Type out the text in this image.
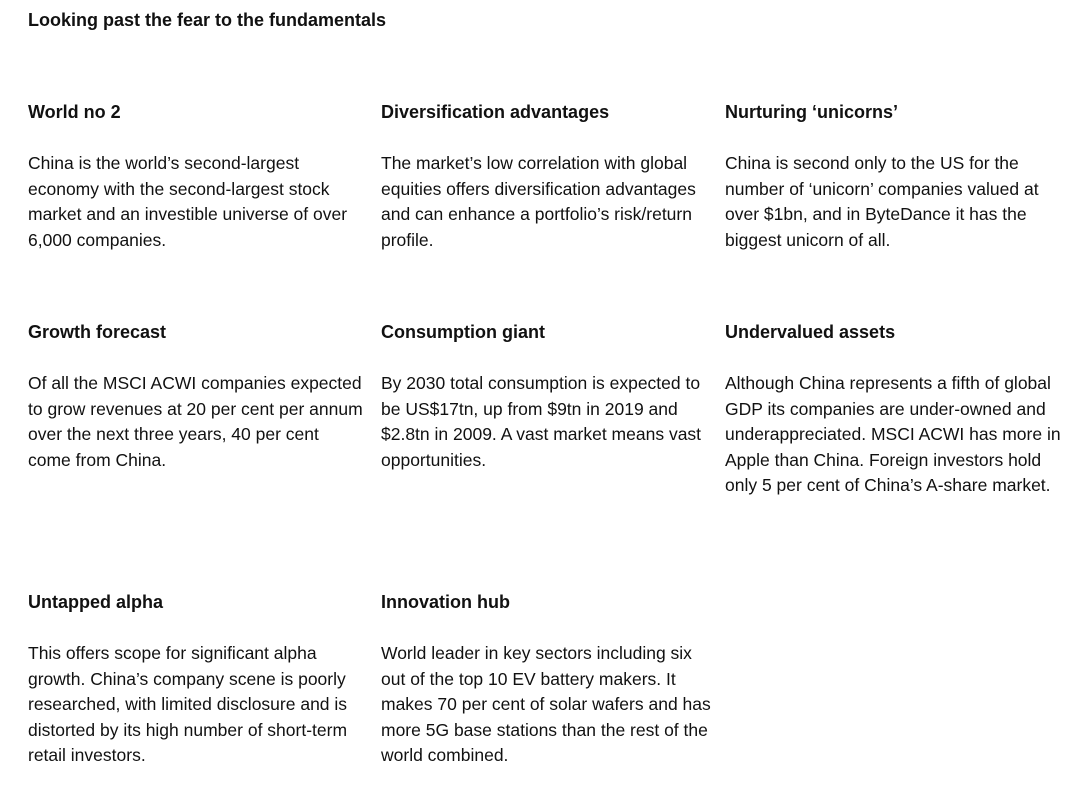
Looking past the fear to the fundamentals
World no 2

China is the world’s second-largest economy with the second-largest stock market and an investible universe of over 6,000 companies.

Diversification advantages

The market’s low correlation with global equities offers diversification advantages and can enhance a portfolio’s risk/return profile.

Nurturing ‘unicorns’

China is second only to the US for the number of ‘unicorn’ companies valued at over $1bn, and in ByteDance it has the biggest unicorn of all.

Growth forecast

Of all the MSCI ACWI companies expected to grow revenues at 20 per cent per annum over the next three years, 40 per cent come from China.

Consumption giant

By 2030 total consumption is expected to be US$17tn, up from $9tn in 2019 and $2.8tn in 2009. A vast market means vast opportunities.

Undervalued assets

Although China represents a fifth of global GDP its companies are under-owned and underappreciated. MSCI ACWI has more in Apple than China. Foreign investors hold only 5 per cent of China’s A-share market.

Untapped alpha

This offers scope for significant alpha growth. China’s company scene is poorly researched, with limited disclosure and is distorted by its high number of short-term retail investors.

Innovation hub

World leader in key sectors including six out of the top 10 EV battery makers. It makes 70 per cent of solar wafers and has more 5G base stations than the rest of the world combined.
